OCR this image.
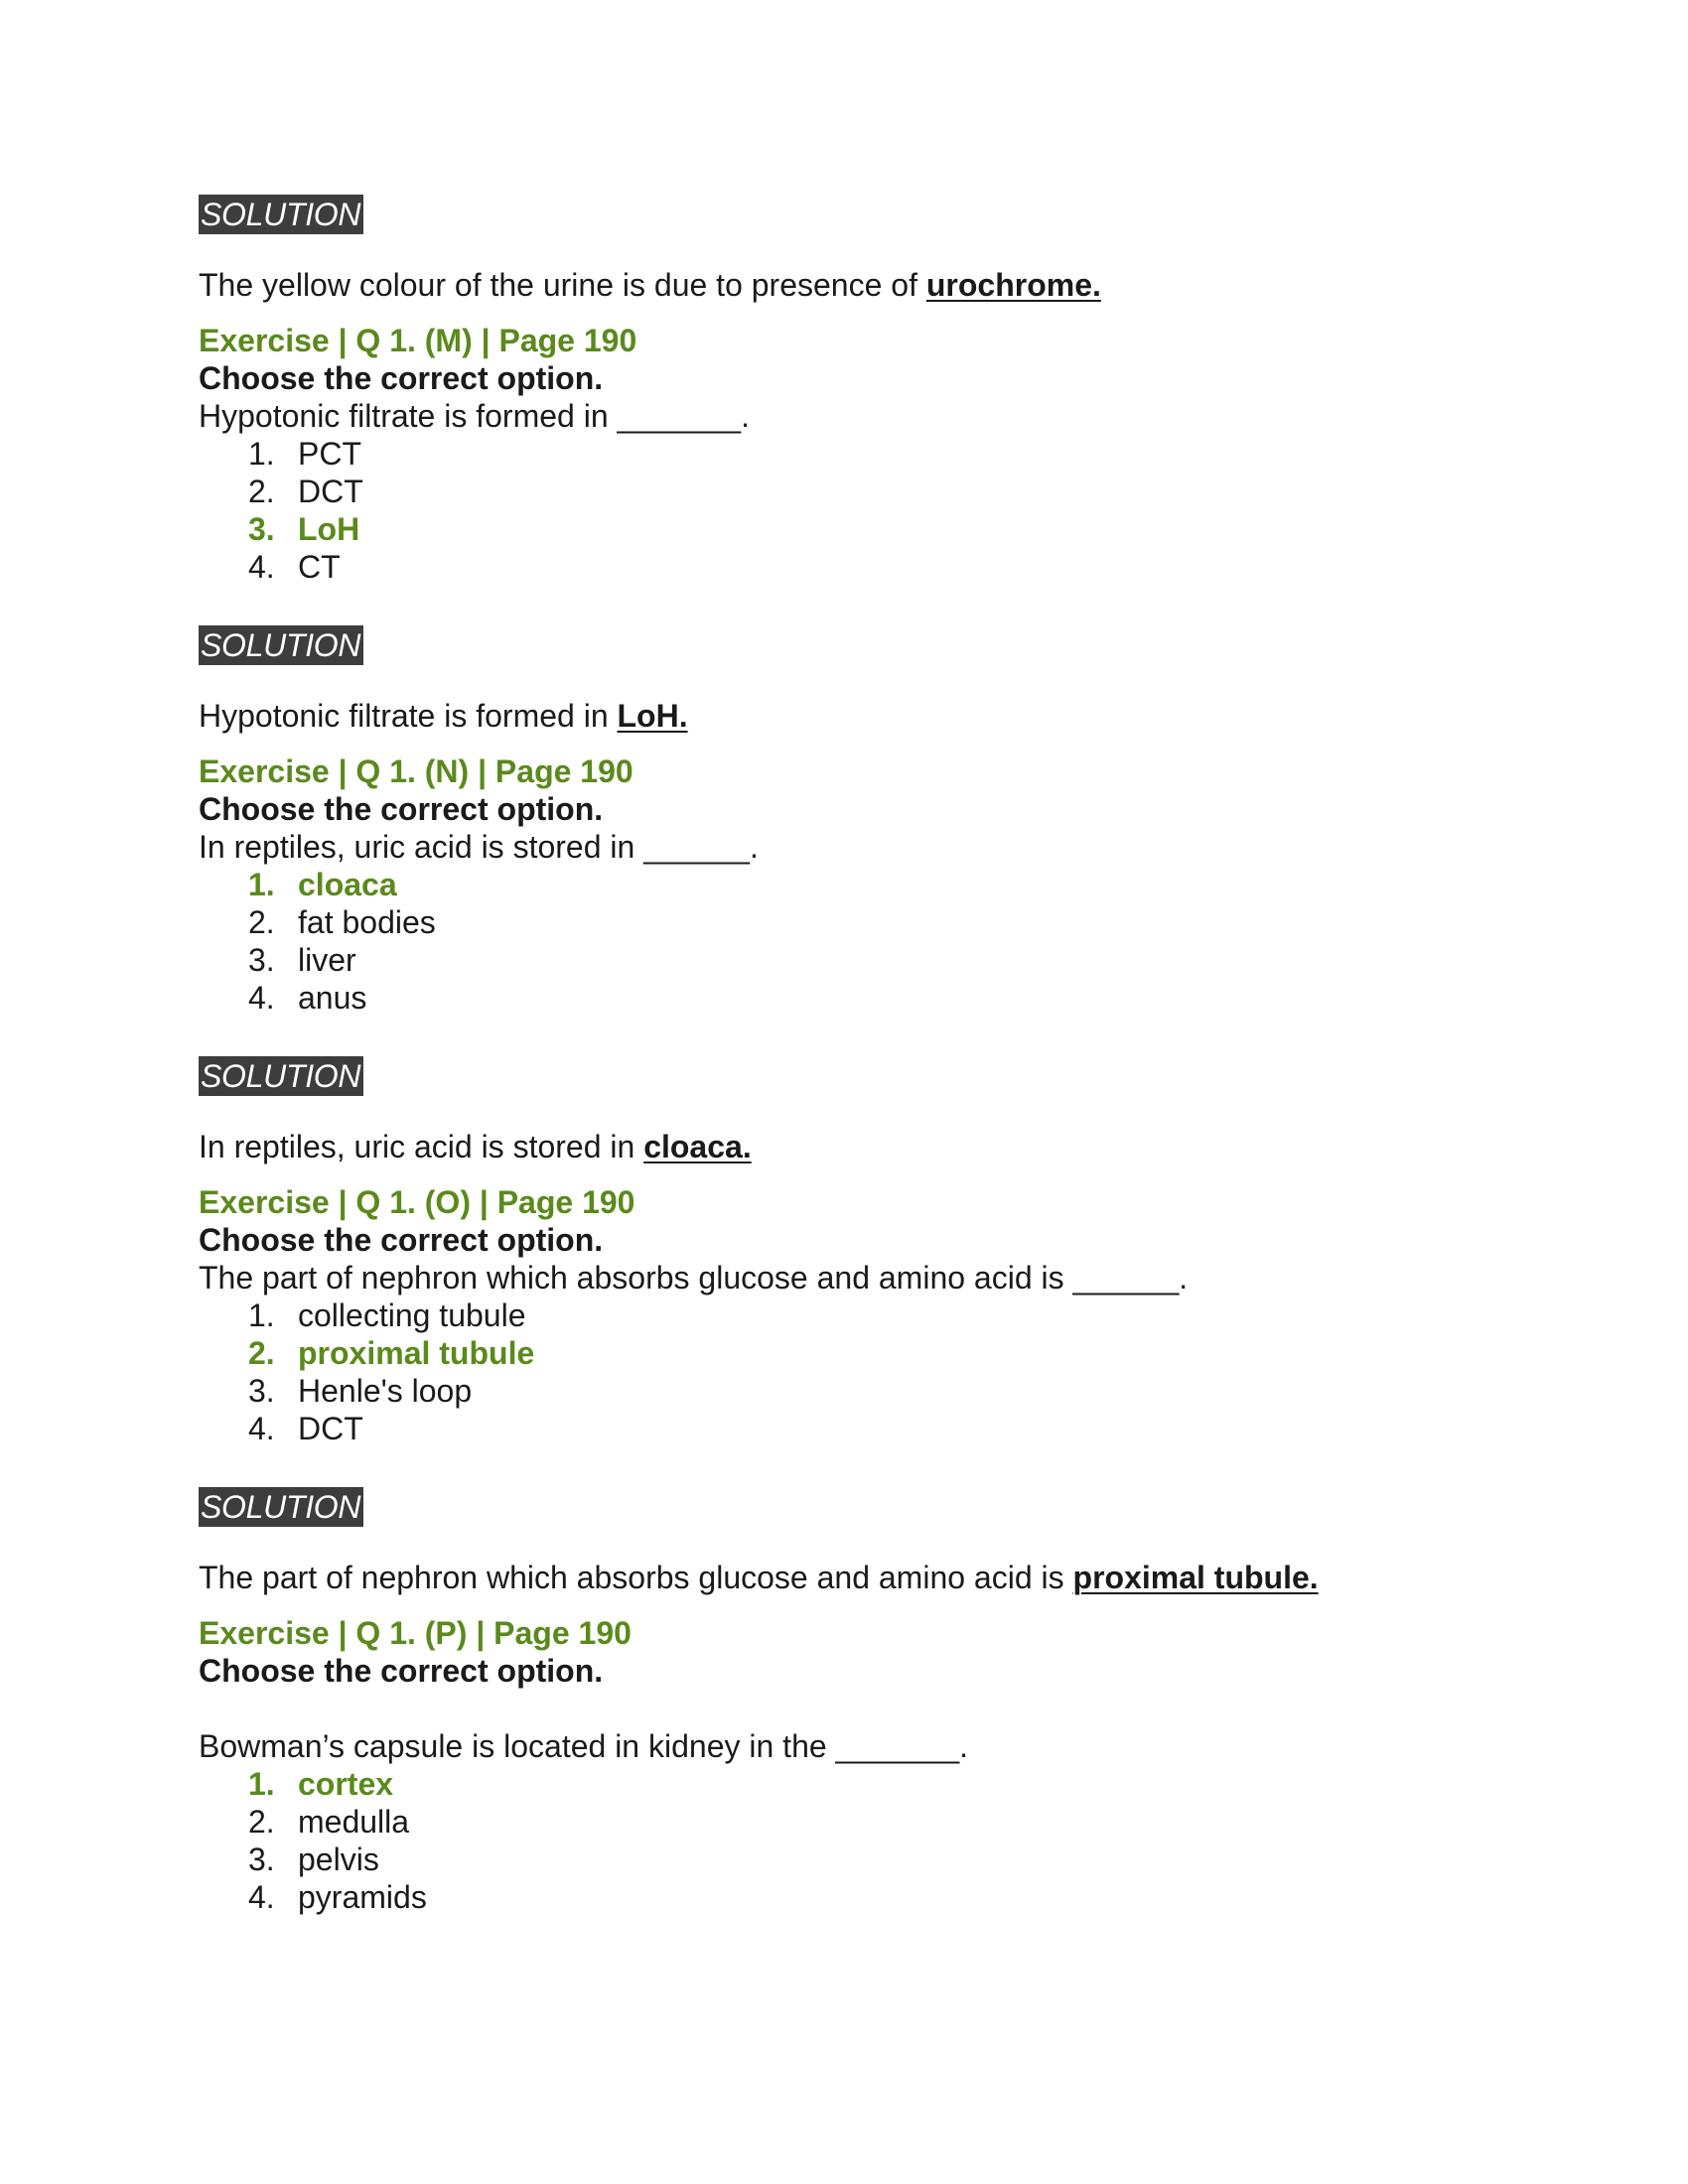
SOLUTION
The yellow colour of the urine is due to presence of urochrome.
Exercise | Q 1. (M) | Page 190
Choose the correct option.
Hypotonic filtrate is formed in _______.
1. PCT
2. DCT
3. LoH
4. CT
SOLUTION
Hypotonic filtrate is formed in LoH.
Exercise | Q 1. (N) | Page 190
Choose the correct option.
In reptiles, uric acid is stored in ______.
1. cloaca
2. fat bodies
3. liver
4. anus
SOLUTION
In reptiles, uric acid is stored in cloaca.
Exercise | Q 1. (O) | Page 190
Choose the correct option.
The part of nephron which absorbs glucose and amino acid is ______.
1. collecting tubule
2. proximal tubule
3. Henle's loop
4. DCT
SOLUTION
The part of nephron which absorbs glucose and amino acid is proximal tubule.
Exercise | Q 1. (P) | Page 190
Choose the correct option.
Bowman’s capsule is located in kidney in the _______.
1. cortex
2. medulla
3. pelvis
4. pyramids
